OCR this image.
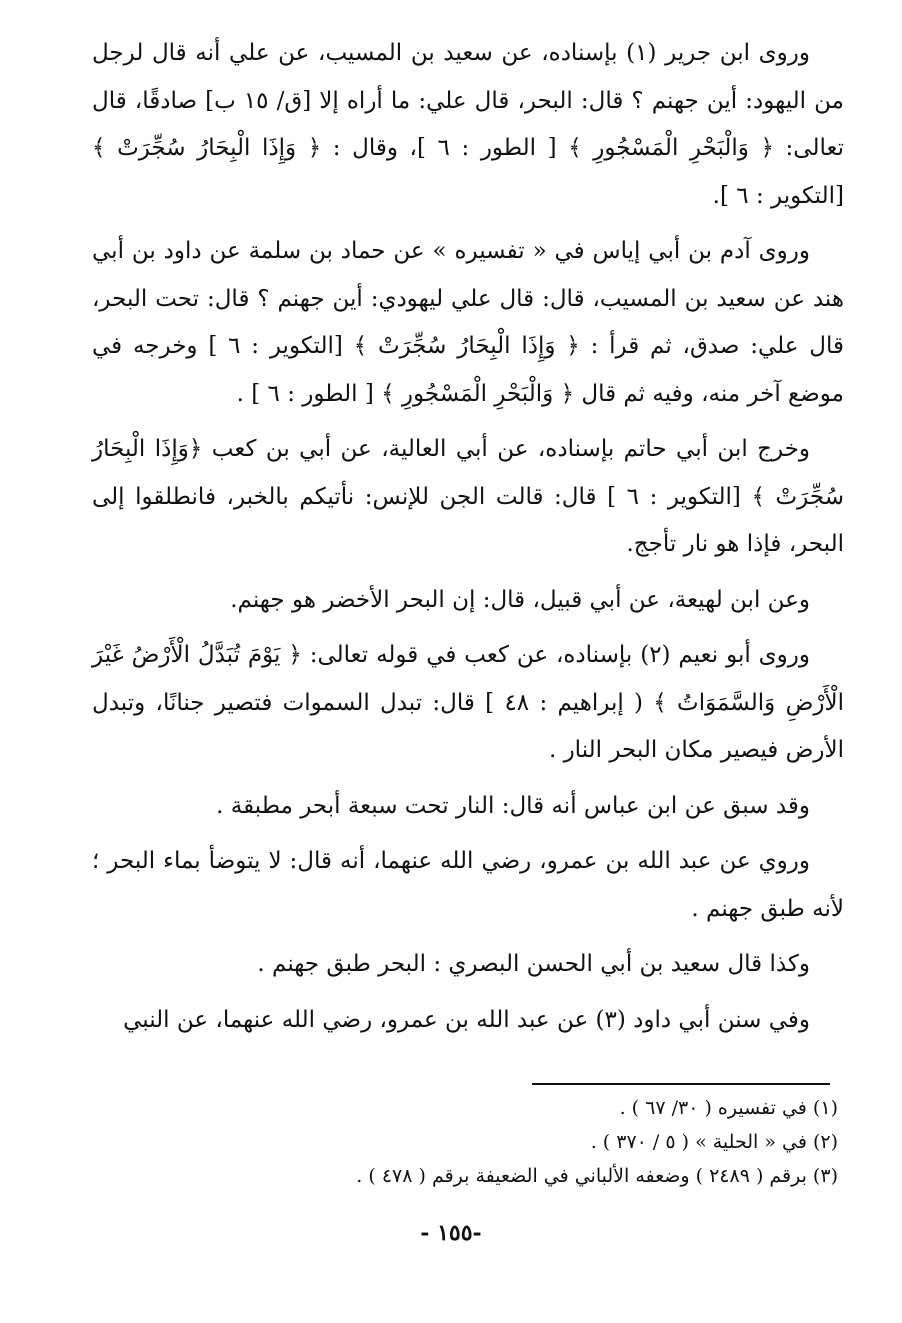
وروى ابن جرير (١) بإسناده، عن سعيد بن المسيب، عن علي أنه قال لرجل من اليهود: أين جهنم ؟ قال: البحر، قال علي: ما أراه إلا [ق/ ١٥ ب] صادقًا، قال تعالى: ﴿ وَالْبَحْرِ الْمَسْجُورِ ﴾ [ الطور : ٦ ]، وقال : ﴿ وَإِذَا الْبِحَارُ سُجِّرَتْ ﴾ [التكوير : ٦ ].

وروى آدم بن أبي إياس في « تفسيره » عن حماد بن سلمة عن داود بن أبي هند عن سعيد بن المسيب، قال: قال علي ليهودي: أين جهنم ؟ قال: تحت البحر، قال علي: صدق، ثم قرأ : ﴿ وَإِذَا الْبِحَارُ سُجِّرَتْ ﴾ [التكوير : ٦ ] وخرجه في موضع آخر منه، وفيه ثم قال ﴿ وَالْبَحْرِ الْمَسْجُورِ ﴾ [ الطور : ٦ ] .

وخرج ابن أبي حاتم بإسناده، عن أبي العالية، عن أبي بن كعب ﴿وَإِذَا الْبِحَارُ سُجِّرَتْ ﴾ [التكوير : ٦ ] قال: قالت الجن للإنس: نأتيكم بالخبر، فانطلقوا إلى البحر، فإذا هو نار تأجج.

وعن ابن لهيعة، عن أبي قبيل، قال: إن البحر الأخضر هو جهنم.

وروى أبو نعيم (٢) بإسناده، عن كعب في قوله تعالى: ﴿ يَوْمَ تُبَدَّلُ الْأَرْضُ غَيْرَ الْأَرْضِ وَالسَّمَوَاتُ ﴾ ( إبراهيم : ٤٨ ] قال: تبدل السموات فتصير جنانًا، وتبدل الأرض فيصير مكان البحر النار .

وقد سبق عن ابن عباس أنه قال: النار تحت سبعة أبحر مطبقة .

وروي عن عبد الله بن عمرو، رضي الله عنهما، أنه قال: لا يتوضأ بماء البحر ؛ لأنه طبق جهنم .

وكذا قال سعيد بن أبي الحسن البصري : البحر طبق جهنم .

وفي سنن أبي داود (٣) عن عبد الله بن عمرو، رضي الله عنهما، عن النبي

(١) في تفسيره ( ٣٠/ ٦٧ ) .
(٢) في « الحلية » ( ٥ / ٣٧٠ ) .
(٣) برقم ( ٢٤٨٩ ) وضعفه الألباني في الضعيفة برقم ( ٤٧٨ ) .
- ١٥٥-
